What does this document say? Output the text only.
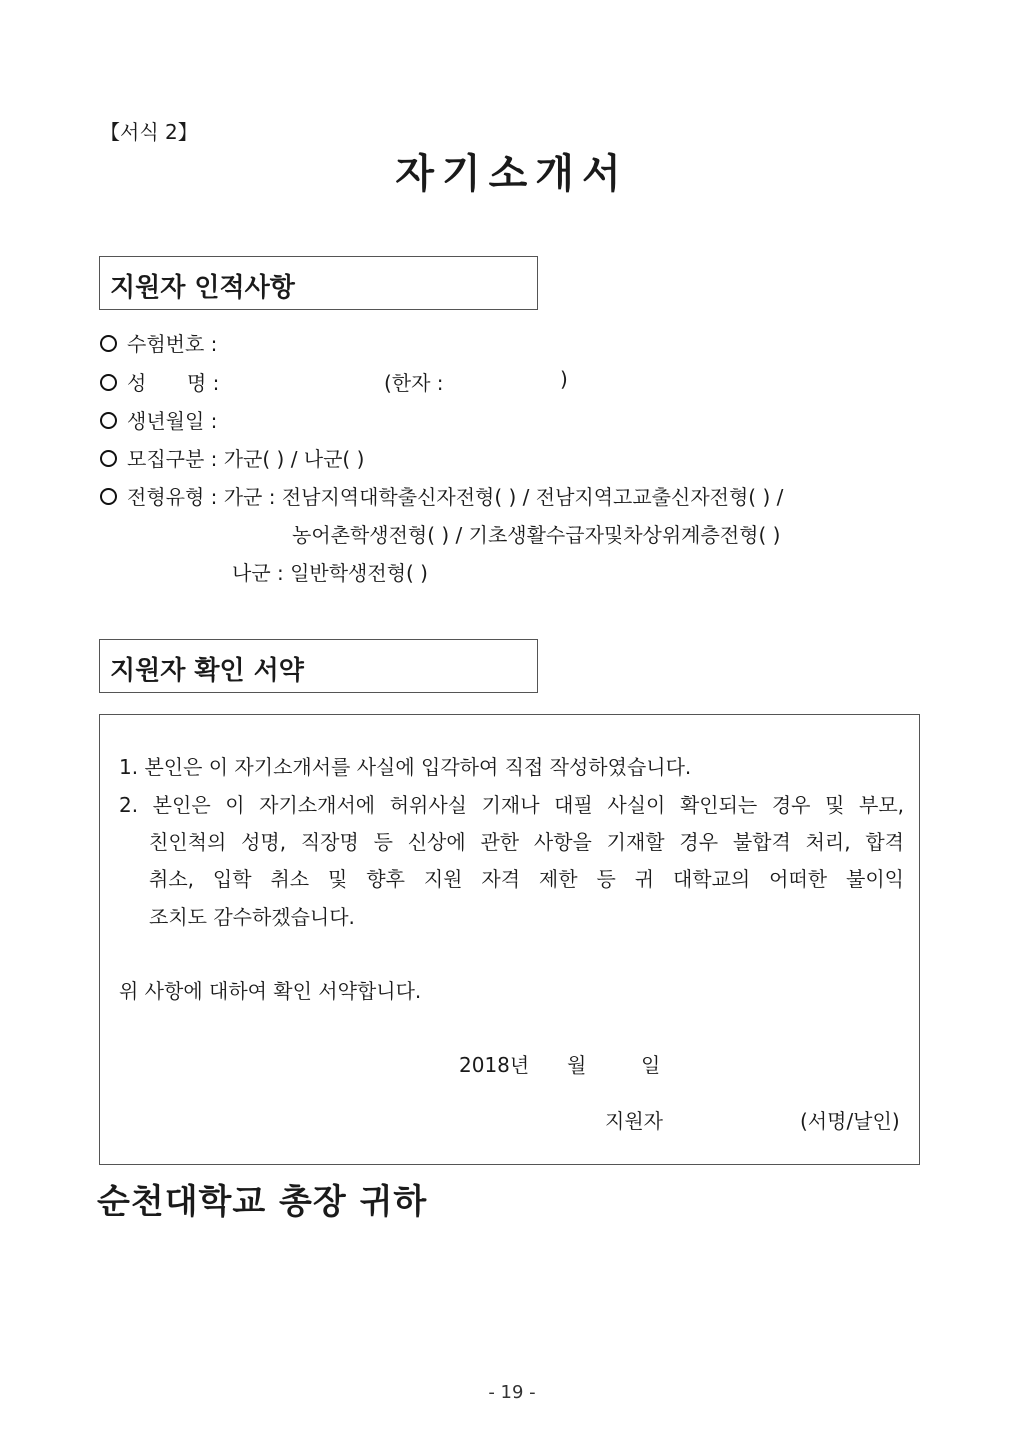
【서식 2】
자기소개서
지원자 인적사항
수험번호 :
성 명 :	(한자 :	)
생년월일 :
모집구분 : 가군( ) / 나군( )
전형유형 : 가군 : 전남지역대학출신자전형( ) / 전남지역고교출신자전형( ) /
농어촌학생전형( ) / 기초생활수급자및차상위계층전형( )
나군 : 일반학생전형( )
지원자 확인 서약
1. 본인은 이 자기소개서를 사실에 입각하여 직접 작성하였습니다.
2. 본인은 이 자기소개서에 허위사실 기재나 대필 사실이 확인되는 경우 및 부모,
친인척의 성명, 직장명 등 신상에 관한 사항을 기재할 경우 불합격 처리, 합격
취소, 입학 취소 및 향후 지원 자격 제한 등 귀 대학교의 어떠한 불이익
조치도 감수하겠습니다.
위 사항에 대하여 확인 서약합니다.
2018년 월	일
지원자	(서명/날인)
순천대학교 총장 귀하
- 19 -
